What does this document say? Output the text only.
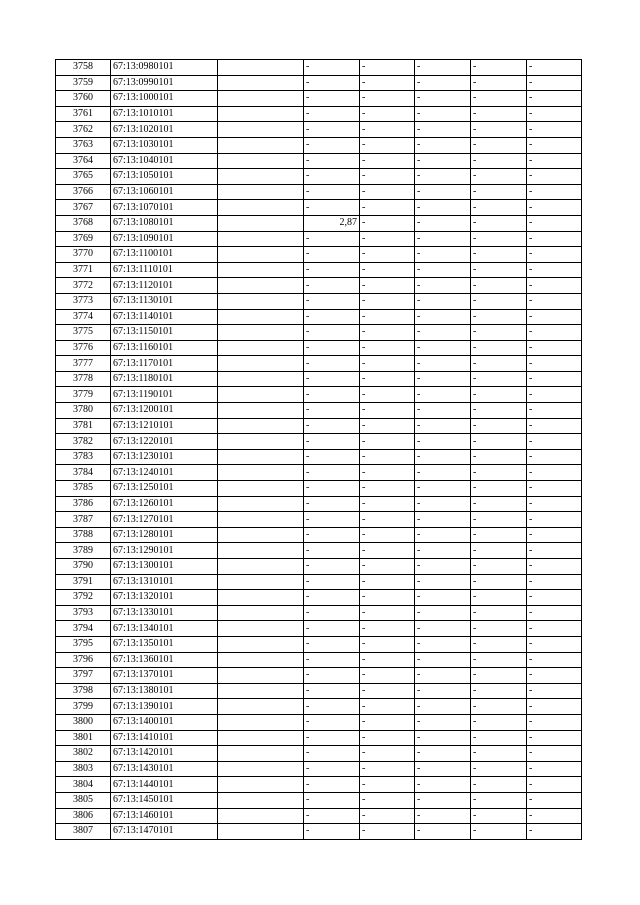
3758	67:13:0980101		-	-	-	-	-
3759	67:13:0990101		-	-	-	-	-
3760	67:13:1000101		-	-	-	-	-
3761	67:13:1010101		-	-	-	-	-
3762	67:13:1020101		-	-	-	-	-
3763	67:13:1030101		-	-	-	-	-
3764	67:13:1040101		-	-	-	-	-
3765	67:13:1050101		-	-	-	-	-
3766	67:13:1060101		-	-	-	-	-
3767	67:13:1070101		-	-	-	-	-
3768	67:13:1080101		2,87	-	-	-	-
3769	67:13:1090101		-	-	-	-	-
3770	67:13:1100101		-	-	-	-	-
3771	67:13:1110101		-	-	-	-	-
3772	67:13:1120101		-	-	-	-	-
3773	67:13:1130101		-	-	-	-	-
3774	67:13:1140101		-	-	-	-	-
3775	67:13:1150101		-	-	-	-	-
3776	67:13:1160101		-	-	-	-	-
3777	67:13:1170101		-	-	-	-	-
3778	67:13:1180101		-	-	-	-	-
3779	67:13:1190101		-	-	-	-	-
3780	67:13:1200101		-	-	-	-	-
3781	67:13:1210101		-	-	-	-	-
3782	67:13:1220101		-	-	-	-	-
3783	67:13:1230101		-	-	-	-	-
3784	67:13:1240101		-	-	-	-	-
3785	67:13:1250101		-	-	-	-	-
3786	67:13:1260101		-	-	-	-	-
3787	67:13:1270101		-	-	-	-	-
3788	67:13:1280101		-	-	-	-	-
3789	67:13:1290101		-	-	-	-	-
3790	67:13:1300101		-	-	-	-	-
3791	67:13:1310101		-	-	-	-	-
3792	67:13:1320101		-	-	-	-	-
3793	67:13:1330101		-	-	-	-	-
3794	67:13:1340101		-	-	-	-	-
3795	67:13:1350101		-	-	-	-	-
3796	67:13:1360101		-	-	-	-	-
3797	67:13:1370101		-	-	-	-	-
3798	67:13:1380101		-	-	-	-	-
3799	67:13:1390101		-	-	-	-	-
3800	67:13:1400101		-	-	-	-	-
3801	67:13:1410101		-	-	-	-	-
3802	67:13:1420101		-	-	-	-	-
3803	67:13:1430101		-	-	-	-	-
3804	67:13:1440101		-	-	-	-	-
3805	67:13:1450101		-	-	-	-	-
3806	67:13:1460101		-	-	-	-	-
3807	67:13:1470101		-	-	-	-	-
